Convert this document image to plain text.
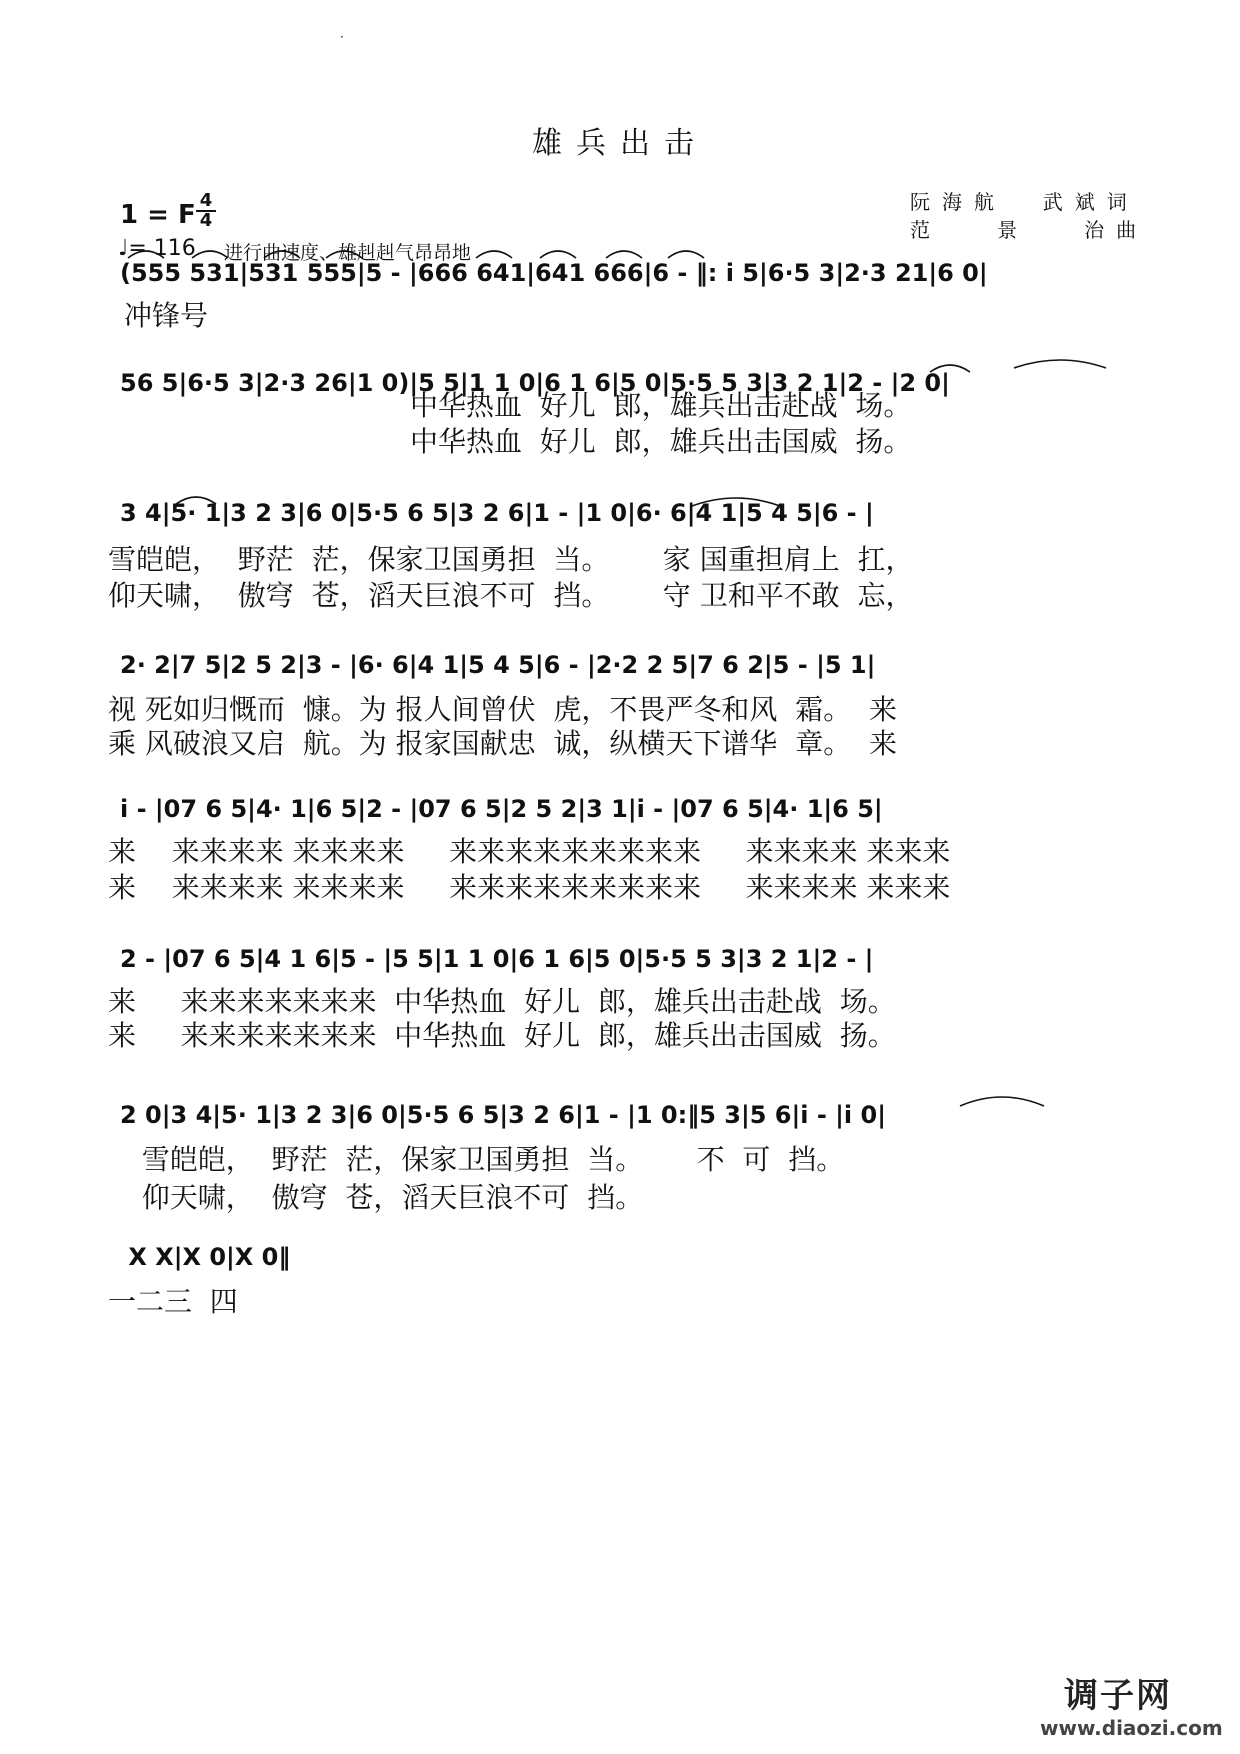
·
雄兵出击
1 = F 4
4
♩= 116 进行曲速度、雄赳赳气昂昂地
阮海航  武斌词
范   景   治曲
(555 531|531 555|5 - |666 641|641 666|6 - ‖: i 5|6·5 3|2·3 21|6 0|
冲锋号
56 5|6·5 3|2·3 26|1 0)|5 5|1 1 0|6 1 6|5 0|5·5 5 3|3 2 1|2 - |2 0|
中华热血  好儿  郎，雄兵出击赴战  场。
中华热血  好儿  郎，雄兵出击国威  扬。
3 4|5· 1|3 2 3|6 0|5·5 6 5|3 2 6|1 - |1 0|6· 6|4 1|5 4 5|6 - |
雪皑皑，  野茫  茫，保家卫国勇担  当。      家 国重担肩上  扛，
仰天啸，  傲穹  苍，滔天巨浪不可  挡。      守 卫和平不敢  忘，
2· 2|7 5|2 5 2|3 - |6· 6|4 1|5 4 5|6 - |2·2 2 5|7 6 2|5 - |5 1|
视 死如归慨而  慷。为 报人间曾伏  虎，不畏严冬和风  霜。  来
乘 风破浪又启  航。为 报家国献忠  诚，纵横天下谱华  章。  来
i - |07 6 5|4· 1|6 5|2 - |07 6 5|2 5 2|3 1|i - |07 6 5|4· 1|6 5|
来    来来来来 来来来来     来来来来来来来来来     来来来来 来来来
来    来来来来 来来来来     来来来来来来来来来     来来来来 来来来
2 - |07 6 5|4 1 6|5 - |5 5|1 1 0|6 1 6|5 0|5·5 5 3|3 2 1|2 - |
来     来来来来来来来  中华热血  好儿  郎，雄兵出击赴战  场。
来     来来来来来来来  中华热血  好儿  郎，雄兵出击国威  扬。
2 0|3 4|5· 1|3 2 3|6 0|5·5 6 5|3 2 6|1 - |1 0:‖5 3|5 6|i - |i 0|
雪皑皑，  野茫  茫，保家卫国勇担  当。      不  可  挡。
仰天啸，  傲穹  苍，滔天巨浪不可  挡。
X X|X 0|X 0‖
一二三  四
调子网
www.diaozi.com
